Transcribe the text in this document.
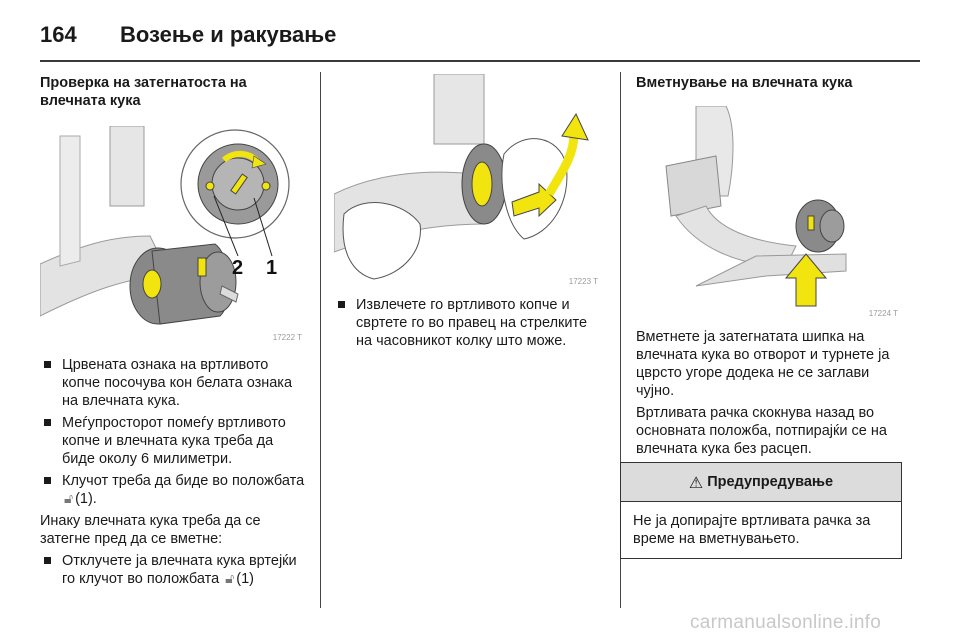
164 Возење и ракување

Проверка на затегнатоста на влечната кука

2 1
17222 T
Црвената ознака на вртливото копче посочува кон белата ознака на влечната кука.
Меѓупросторот помеѓу вртливото копче и влечната кука треба да биде околу 6 милиметри.
Клучот треба да биде во положбата 🔓︎ (1).

Инаку влечната кука треба да се затегне пред да се вметне:

Отклучете ја влечната кука вртејќи го клучот во положбата 🔓︎ (1)
17223 T
Извлечете го вртливото копче и свртете го во правец на стрелките на часовникот колку што може.

Вметнување на влечната кука

17224 T

Вметнете ја затегнатата шипка на влечната кука во отворот и турнете ја цврсто угоре додека не се заглави чујно.

Вртливата рачка скокнува назад во основната положба, потпирајќи се на влечната кука без расцеп.

⚠ Предупредување
Не ја допирајте вртливата рачка за време на вметнувањето.
carmanualsonline.info
